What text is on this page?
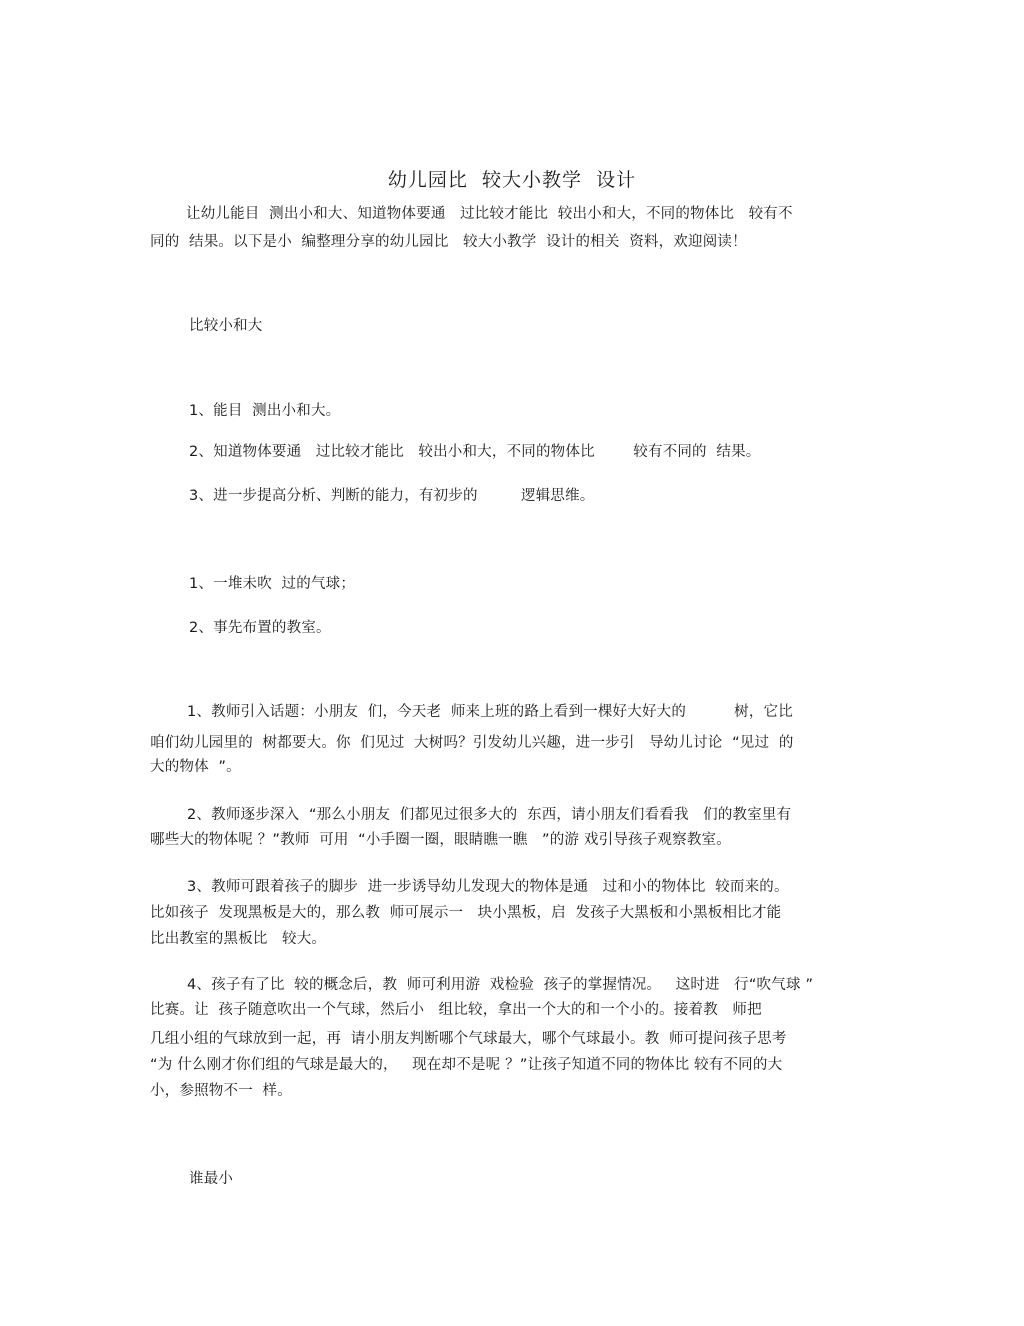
幼儿园比  较大小教学  设计
让幼儿能目  测出小和大、知道物体要通   过比较才能比  较出小和大，不同的物体比   较有不
同的  结果。以下是小  编整理分享的幼儿园比   较大小教学  设计的相关  资料，欢迎阅读！
比较小和大
1、能目  测出小和大。
2、知道物体要通   过比较才能比   较出小和大，不同的物体比        较有不同的  结果。
3、进一步提高分析、判断的能力，有初步的         逻辑思维。
1、一堆未吹  过的气球；
2、事先布置的教室。
1、教师引入话题：小朋友  们，今天老  师来上班的路上看到一棵好大好大的          树，它比
咱们幼儿园里的  树都要大。你  们见过  大树吗？引发幼儿兴趣，进一步引   导幼儿讨论  “见过  的
大的物体  ”。
2、教师逐步深入  “那么小朋友  们都见过很多大的  东西，请小朋友们看看我   们的教室里有
哪些大的物体呢 ？”教师  可用  “小手圈一圈，眼睛瞧一瞧   ”的游 戏引导孩子观察教室。
3、教师可跟着孩子的脚步  进一步诱导幼儿发现大的物体是通   过和小的物体比  较而来的。
比如孩子  发现黑板是大的，那么教  师可展示一   块小黑板，启  发孩子大黑板和小黑板相比才能
比出教室的黑板比   较大。
4、孩子有了比  较的概念后，教  师可利用游  戏检验  孩子的掌握情况。   这时进   行“吹气球 ”
比赛。让  孩子随意吹出一个气球，然后小   组比较，拿出一个大的和一个小的。接着教   师把
几组小组的气球放到一起，再  请小朋友判断哪个气球最大，哪个气球最小。教  师可提问孩子思考
“为 什么刚才你们组的气球是最大的，   现在却不是呢 ？”让孩子知道不同的物体比 较有不同的大
小，参照物不一  样。
谁最小
